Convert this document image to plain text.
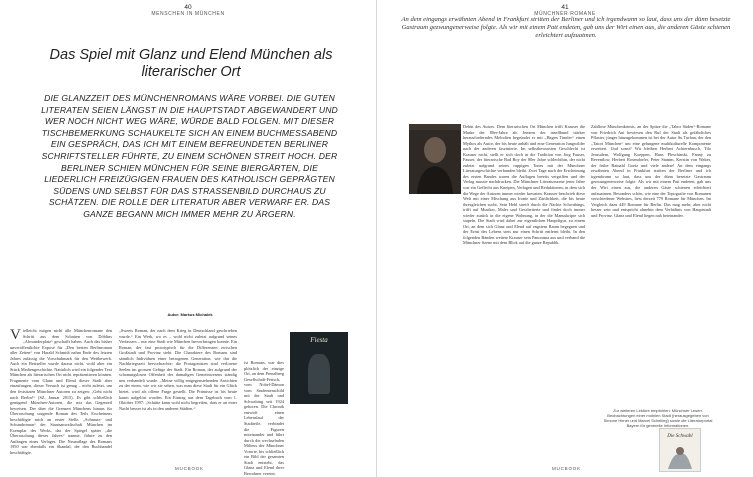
40
MENSCHEN IN MÜNCHEN
Das Spiel mit Glanz und Elend München als literarischer Ort
DIE GLANZZEIT DES MÜNCHENROMANS WÄRE VORBEI. DIE GUTEN LITERATEN SEIEN LÄNGST IN DIE HAUPTSTADT ABGEWANDERT UND WER NOCH NICHT WEG WÄRE, WÜRDE BALD FOLGEN. MIT DIESER TISCHBEMERKUNG SCHAUKELTE SICH AN EINEM BUCHMESSABEND EIN GESPRÄCH, DAS ICH MIT EINEM BEFREUNDETEN BERLINER SCHRIFTSTELLER FÜHRTE, ZU EINEM SCHÖNEN STREIT HOCH. DER BERLINER SCHIEN MÜNCHEN FÜR SEINE BIERGÄRTEN, DIE LIEDERLICH FREIZÜGIGEN FRAUEN DES KATHOLISCH GEPRÄGTEN SÜDENS UND SELBST FÜR DAS STRASSENBILD DURCHAUS ZU SCHÄTZEN. DIE ROLLE DER LITERATUR ABER VERWARF ER. DAS GANZE BEGANN MICH IMMER MEHR ZU ÄRGERN.
Autor: Markus Michalek
V ielleicht mögen nicht alle Münchenromane den Schritt aus dem Schatten von Döblins „Alexanderplatz“ geschafft haben. Auch das bisher unveröffentlichte Exposé für „Den besten Berlinroman aller Zeiten“ von Harald Schmidt nahm Ende des letzten Jahres zulässig die Vorschubmark für den Wettbewerb. Auch ein Bestseller wurde daraus nicht, wohl aber ein Stück Mediengeschichte. Natürlich wird ein folgender Text München als literarischen Ort nicht repräsentieren können. Fragmente vom Glanz und Elend dieser Stadt aber einzufangen, dieser Versuch ist genug – nicht zuletzt, um den festsitzten Münchner Autoren zu zeigen: „Geht nicht nach Berlin!“ (SZ, Januar 2015). Es gibt schließlich genügend München-Autoren, die mir das Gegenteil beweisen. Der über die Grenzen Münchens hinaus für Überraschung sorgende Roman des Teils Erscheinens beschäftigte mich an erster Stelle. „Schmutz- und Schundroman“ der Staatsanwaltschaft München im Exemplar des Werks, das der Spiegel später „die Überraschung dieses Jahres“ nannte, führte zu den Anfängen eines Verlages. Die Neuauflage des Romans 1950 war ebenfalls ein Skandal, der den Buchhandel beschäftigte.
„Sweets Roman, der nach dem Krieg in Deutschland geschrieben wurde.“ Ein Werk, wo es – wohl nicht zuletzt aufgrund seines Verfassers – nur eine Stadt wie München hervorbringen konnte. Ein Roman, der fast prototypisch für die Differenzen zwischen Großstadt und Provinz steht. Die Charaktere des Romans sind sämtlich Individuen einer betrogenen Generation, wie ihn die Nachkriegszeit hervorbrachte; die Protagonisten sind verlorene Seelen im grossen Gefüge der Stadt. Ein Roman, der aufgrund der schonungslosen Offenheit des damaligen Gemeinwesens ständig neu verhandelt wurde. „Meine völlig entgegenstehenden Ansichten zu der einen, wie wir sie sehen, was man diese Stadt für ein Glück bietet, wird als offene Frage gestellt. Die Prämisse ist bis heute kaum aufgelöst worden. Ein Eintrag aus dem Tagebuch vom 1. Oktober 1997: „Schütte kann wohl nicht begreifen, dass er an einer Nacht besser ist als in den anderen Städten.“
ist Romans, war dies plötzlich der einzige Ort, an dem Prenzlberg Gesellschaft-Fetisch, vom Nobel-Dämon vom Studentenschild mit der Stadt und Schwabing seit 1924 geboren. Die Chronik entwirft einen Lebenslauf der Stadtteile, verbindet die Figuren miteinander und führt durch die wechselnden Milieus der Münchner Vororte, bis schließlich ein Bild der gesamten Stadt entsteht, das Glanz und Elend ihrer Bewohner vereint.
Fiesta
MUCBOOK
41
MÜNCHNER ROMANE
An dem eingangs erwähnten Abend in Frankfurt stritten der Berliner und ich irgendwann so laut, dass uns der dünn besetzte Gastraum gezwungenerweise folgte. Als wir mit einem Patt endeten, gab uns der Wirt einen aus, die anderen Gäste schienen erleichtert aufzuatmen.
Debüt des Autors. Dem literarischen Ort München trifft Krauser die Maske der 80er-Jahre ab. Jemens der insellbund stärker herausforderndes Melodien begründet er mit „Hagen Tinnler“ einen Mythos als Autor, der bis heute anhält und eine Generation Jungwilder nach der anderen faszinierte. Im selbstbewussten Geschlecht ist Krauser nicht, stellt er sich doch in die Tradition von Jörg Fauser, Fauser, der literarische Bad Boy der 80er Jahre schlechthin, der nicht zuletzt aufgrund seines ruppigen Tones mit der Münchner Literaturgeschichte verbunden bleibt. Zwei Tage nach der Erscheinung des ersten Bandes waren die Auflagen bereits vergriffen und der Verlag musste nachdrucken. Die Münchner Literaturszene jener Jahre war ein Geflecht aus Kneipen, Verlagen und Redaktionen, in dem sich die Wege der Autoren immer wieder kreuzten. Krauser beschrieb diese Welt mit einer Mischung aus Ironie und Zärtlichkeit, die bis heute ihresgleichen sucht. Sein Held streift durch die Nächte Schwabings, trifft auf Musiker, Maler und Gescheiterte und findet doch immer wieder zurück in die eigene Wohnung, in der die Manuskripte sich stapeln. Die Stadt wird dabei zur eigentlichen Hauptfigur, zu einem Ort, an dem sich Glanz und Elend auf engstem Raum begegnen und der Ernst des Lebens stets nur einen Schritt entfernt bleibt. In den folgenden Bänden weitete Krauser sein Panorama aus und verband die Münchner Szene mit dem Blick auf die ganze Republik.
Zahllose Münchenkrimis, an der Spitze die „Tabor Süden“-Romane von Friedrich Ani bewiesen den Ruf der Stadt als gefährliches Pflaster, jünger hinzugekommen ist bei der Autor Su Turhan, der den „Tatort München“ um eine gelungene multikulturelle Komponente erweitert. Und sonst? Wir bleiben Herbert Achternbusch, Tilo Jerusalem, Wolfgang Koeppen, Hans Pleschinski, Fanny zu Reventlow, Herbert Rosendorfer, Peter Stamm, Kerstin von Walter, der frühe Rainald Goetz und viele andere! An dem eingangs erwähnten Abend in Frankfurt stritten der Berliner und ich irgendwann so laut, dass uns der dünn besetzte Gastraum gezwungenerweise folgte. Als wir mit einem Patt endeten, gab uns der Wirt einen aus, die anderen Gäste schienen erleichtert aufzuatmen. Besonders schön, wie eine der Topografie von Romanen verschiedener Websites, liest derzeit 779 Romane für München. Im Vergleich dazu 449 Romane für Berlin. Das mag mehr, aber nicht besser sein und entspricht ohnehin dem Verhältnis von Hauptstadt und Provinz. Glanz und Elend liegen nah beieinander.
Zur weiteren Lektüre empfohlen: Münchner Leserr. Beobachtungen einer mobilen Stadt (herausgegeben von Simone Hirner und Marcel Schelling) sowie die Literaturportal Bayern für generelle Informationen.
Die Schwabl
MUCBOOK
